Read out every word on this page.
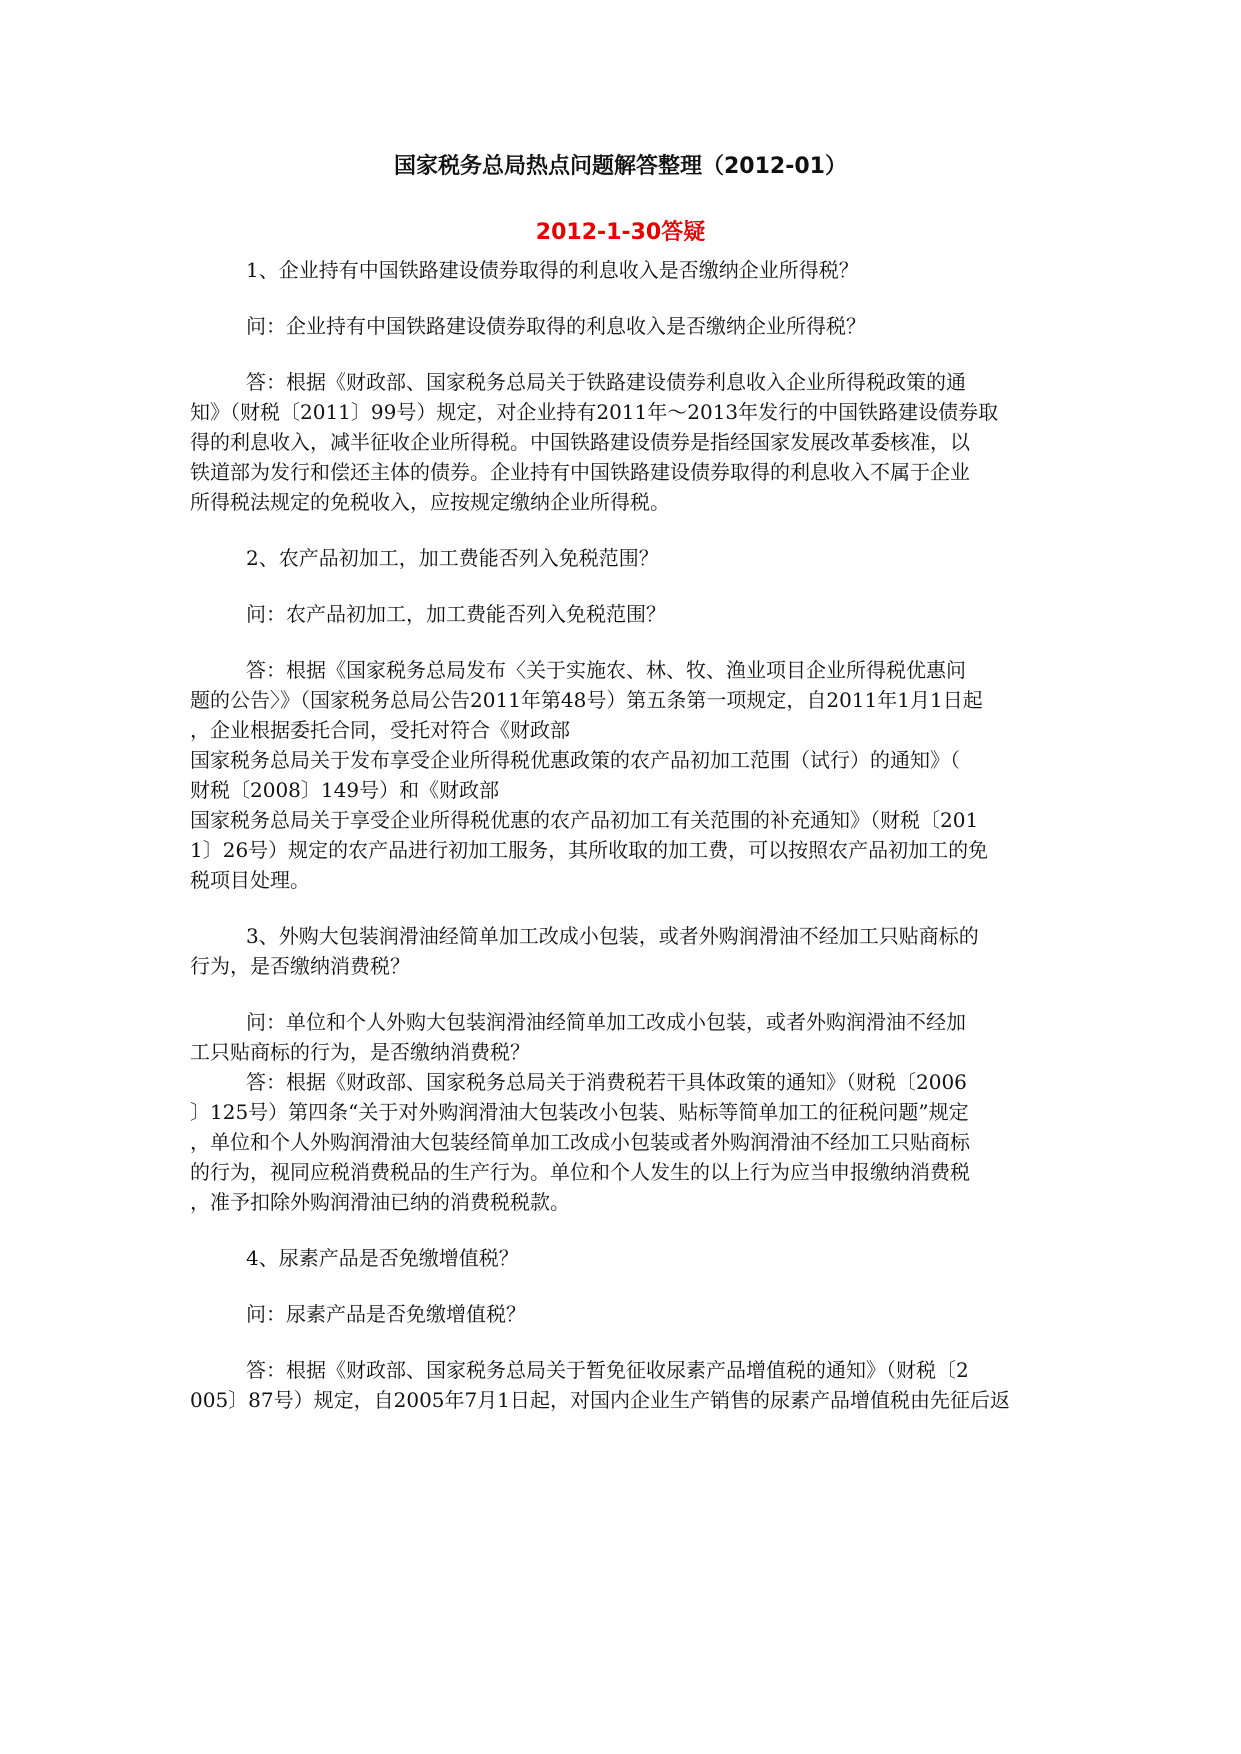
国家税务总局热点问题解答整理（2012-01）
2012-1-30答疑
1、企业持有中国铁路建设债券取得的利息收入是否缴纳企业所得税？
问：企业持有中国铁路建设债券取得的利息收入是否缴纳企业所得税？
答：根据《财政部、国家税务总局关于铁路建设债券利息收入企业所得税政策的通
知》（财税〔2011〕99号）规定，对企业持有2011年～2013年发行的中国铁路建设债券取
得的利息收入，减半征收企业所得税。中国铁路建设债券是指经国家发展改革委核准，以
铁道部为发行和偿还主体的债券。企业持有中国铁路建设债券取得的利息收入不属于企业
所得税法规定的免税收入，应按规定缴纳企业所得税。
2、农产品初加工，加工费能否列入免税范围？
问：农产品初加工，加工费能否列入免税范围？
答：根据《国家税务总局发布〈关于实施农、林、牧、渔业项目企业所得税优惠问
题的公告〉》（国家税务总局公告2011年第48号）第五条第一项规定，自2011年1月1日起
，企业根据委托合同，受托对符合《财政部
国家税务总局关于发布享受企业所得税优惠政策的农产品初加工范围（试行）的通知》（
财税〔2008〕149号）和《财政部
国家税务总局关于享受企业所得税优惠的农产品初加工有关范围的补充通知》（财税〔201
1〕26号）规定的农产品进行初加工服务，其所收取的加工费，可以按照农产品初加工的免
税项目处理。
3、外购大包装润滑油经简单加工改成小包装，或者外购润滑油不经加工只贴商标的
行为，是否缴纳消费税？
问：单位和个人外购大包装润滑油经简单加工改成小包装，或者外购润滑油不经加
工只贴商标的行为，是否缴纳消费税？
答：根据《财政部、国家税务总局关于消费税若干具体政策的通知》（财税〔2006
〕125号）第四条“关于对外购润滑油大包装改小包装、贴标等简单加工的征税问题”规定
，单位和个人外购润滑油大包装经简单加工改成小包装或者外购润滑油不经加工只贴商标
的行为，视同应税消费税品的生产行为。单位和个人发生的以上行为应当申报缴纳消费税
，准予扣除外购润滑油已纳的消费税税款。
4、尿素产品是否免缴增值税？
问：尿素产品是否免缴增值税？
答：根据《财政部、国家税务总局关于暂免征收尿素产品增值税的通知》（财税〔2
005〕87号）规定，自2005年7月1日起，对国内企业生产销售的尿素产品增值税由先征后返
